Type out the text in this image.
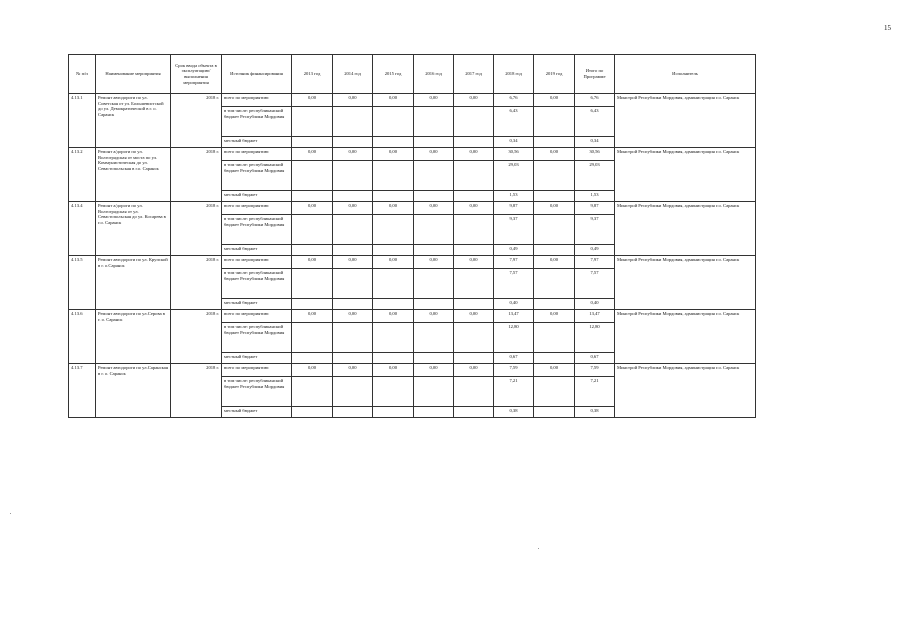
15
№ п/п	Наименование мероприятия	Срок ввода объекта в эксплуатацию/ выполнения мероприятия	Источник финансирования	2013 год	2014 год	2015 год	2016 год	2017 год	2018 год	2019 год	Итого по Программе	Исполнитель
4.13.1	Ремонт автодороги по ул. Советская от ул. Большевистской до ул. Демократической в г. о. Саранск	2018 г.	всего по мероприятию:	0,00	0,00	0,00	0,00	0,00	6,76	0,00	6,76	Минстрой Республики Мордовия, администрация г.о. Саранск
			в том числе: республиканский бюджет Республики Мордовия						6,43		6,43	
			местный бюджет						0,34		0,34	
4.13.2	Ремонт а/дороги по ул. Волгоградская от моста по ул. Коммунистическая до ул. Севастопольская в г.о. Саранск	2018 г.	всего по мероприятию:	0,00	0,00	0,00	0,00	0,00	30,56	0,00	30,56	Минстрой Республики Мордовия, администрация г.о. Саранск
			в том числе: республиканский бюджет Республики Мордовия						29,03		29,03	
			местный бюджет						1,53		1,53	
4.13.4	Ремонт а/дороги по ул. Волгоградская от ул. Севастопольская до ул. Косарева в г.о. Саранск	2018 г.	всего по мероприятию:	0,00	0,00	0,00	0,00	0,00	9,87	0,00	9,87	Минстрой Республики Мордовия, администрация г.о. Саранск
			в том числе: республиканский бюджет Республики Мордовия						9,37		9,37	
			местный бюджет						0,49		0,49	
4.13.5	Ремонт автодороги по ул. Крупской в г. о.Саранск	2018 г.	всего по мероприятию:	0,00	0,00	0,00	0,00	0,00	7,97	0,00	7,97	Минстрой Республики Мордовия, администрация г.о. Саранск
			в том числе: республиканский бюджет Республики Мордовия						7,57		7,57	
			местный бюджет						0,40		0,40	
4.13.6	Ремонт автодороги по ул.Серова в г. о. Саранск	2018 г.	всего по мероприятию:	0,00	0,00	0,00	0,00	0,00	13,47	0,00	13,47	Минстрой Республики Мордовия, администрация г.о. Саранск
			в том числе: республиканский бюджет Республики Мордовия						12,80		12,80	
			местный бюджет						0,67		0,67	
4.13.7	Ремонт автодороги по ул.Саранская в г. о. Саранск	2018 г.	всего по мероприятию:	0,00	0,00	0,00	0,00	0,00	7,59	0,00	7,59	Минстрой Республики Мордовия, администрация г.о. Саранск
			в том числе: республиканский бюджет Республики Мордовия						7,21		7,21	
			местный бюджет						0,38		0,38	
